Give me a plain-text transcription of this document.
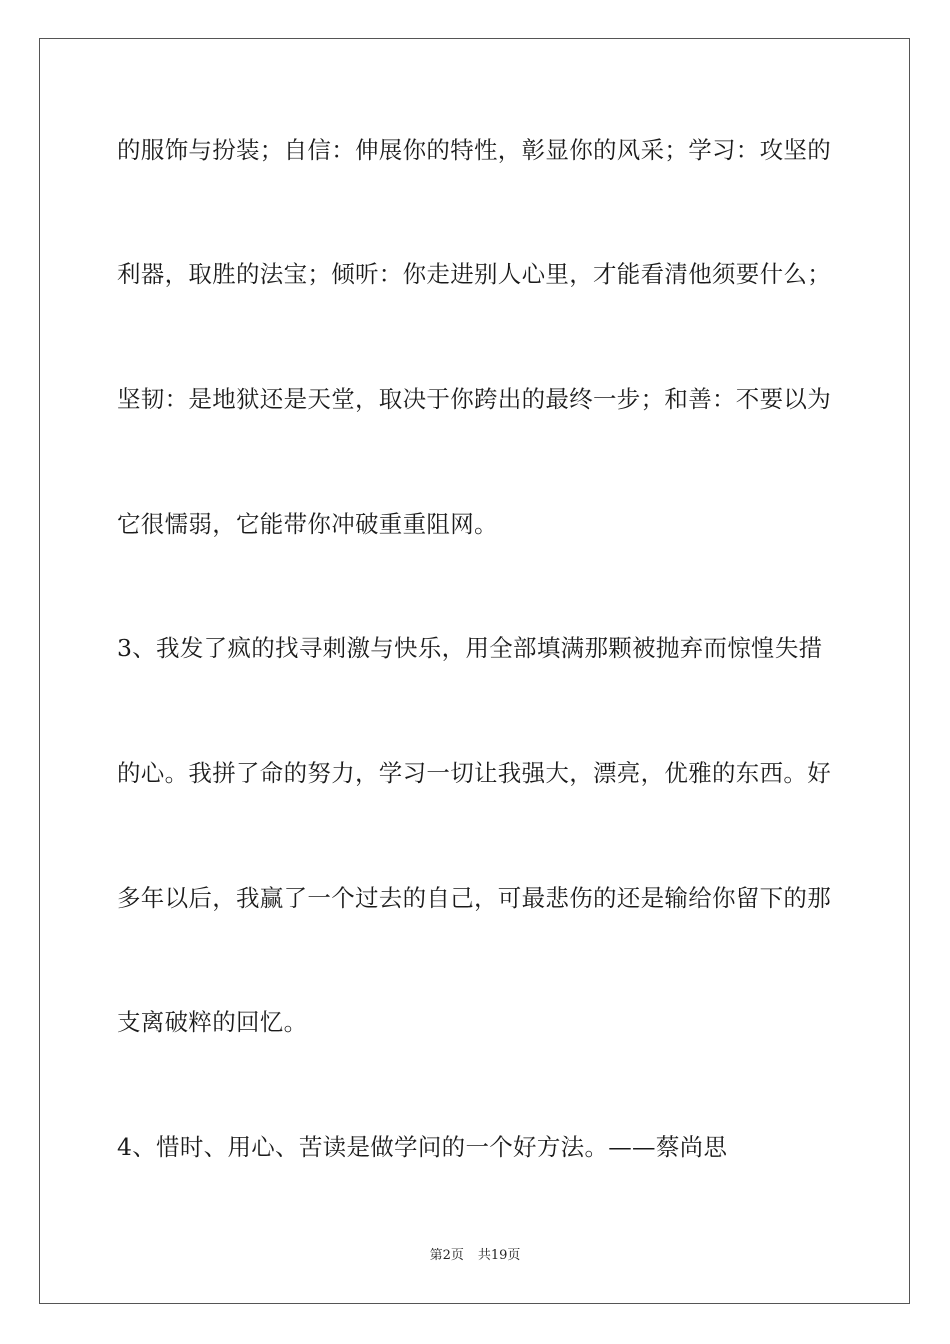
的服饰与扮装；自信：伸展你的特性，彰显你的风采；学习：攻坚的
利器，取胜的法宝；倾听：你走进别人心里，才能看清他须要什么；
坚韧：是地狱还是天堂，取决于你跨出的最终一步；和善：不要以为
它很懦弱，它能带你冲破重重阻网。
3、我发了疯的找寻刺激与快乐，用全部填满那颗被抛弃而惊惶失措
的心。我拼了命的努力，学习一切让我强大，漂亮，优雅的东西。好
多年以后，我赢了一个过去的自己，可最悲伤的还是输给你留下的那
支离破粹的回忆。
4、惜时、用心、苦读是做学问的一个好方法。——蔡尚思
第2页 共19页
